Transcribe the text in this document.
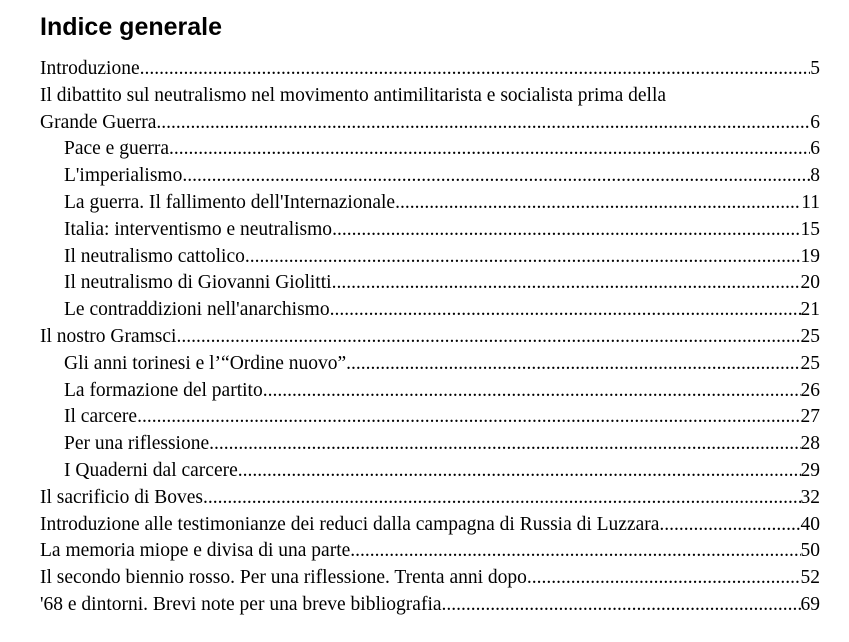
Indice generale
Introduzione .....	5
Il dibattito sul neutralismo nel movimento antimilitarista e socialista prima della
Grande Guerra .....	6
Pace e guerra .....	6
L'imperialismo .....	8
La guerra. Il fallimento dell'Internazionale .....	11
Italia: interventismo e neutralismo .....	15
Il neutralismo cattolico .....	19
Il neutralismo di Giovanni Giolitti .....	20
Le contraddizioni nell'anarchismo .....	21
Il nostro Gramsci .....	25
Gli anni torinesi e l’“Ordine nuovo” .....	25
La formazione del partito .....	26
Il carcere .....	27
Per una riflessione .....	28
I Quaderni dal carcere .....	29
Il sacrificio di Boves .....	32
Introduzione alle testimonianze dei reduci dalla campagna di Russia di Luzzara .....	40
La memoria miope e divisa di una parte .....	50
Il secondo biennio rosso. Per una riflessione. Trenta anni dopo .....	52
'68 e dintorni. Brevi note per una breve bibliografia .....	69
